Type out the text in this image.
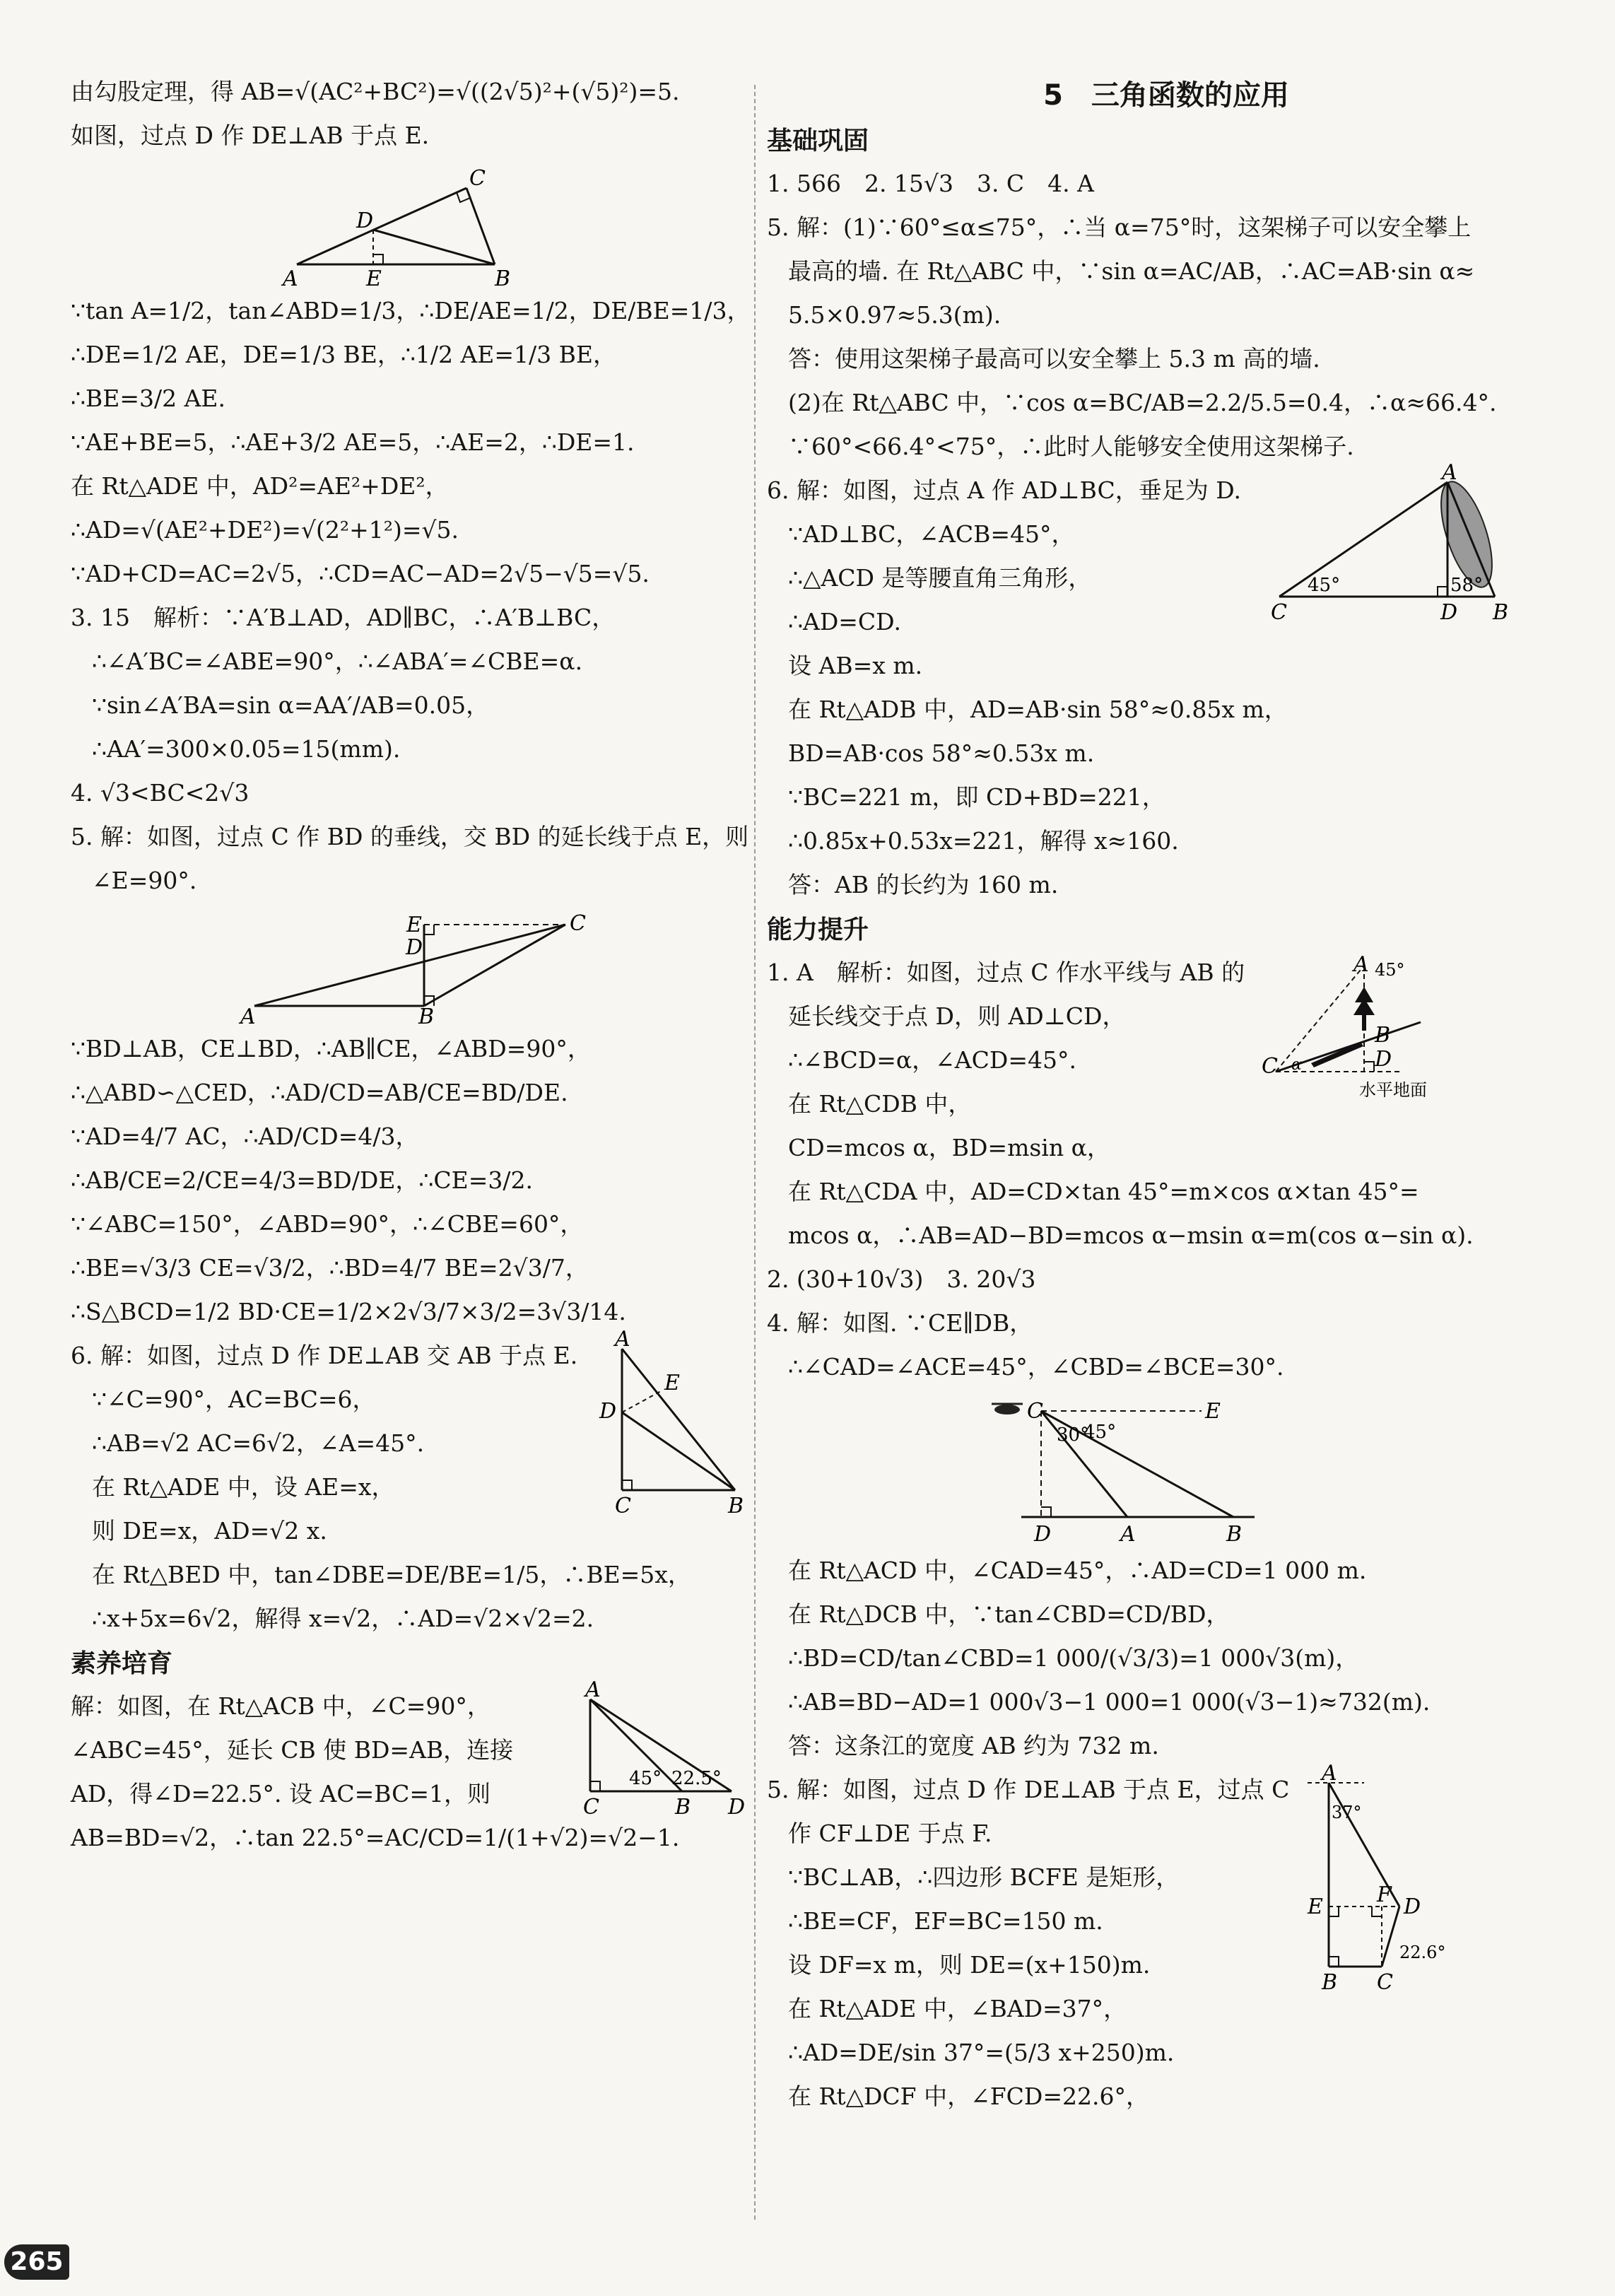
由勾股定理，得 AB=√(AC²+BC²)=√((2√5)²+(√5)²)=5.
如图，过点 D 作 DE⊥AB 于点 E.
A	E	B
D
C
∵tan A=1/2，tan∠ABD=1/3，∴DE/AE=1/2，DE/BE=1/3，
∴DE=1/2 AE，DE=1/3 BE，∴1/2 AE=1/3 BE，
∴BE=3/2 AE.
∵AE+BE=5，∴AE+3/2 AE=5，∴AE=2，∴DE=1.
在 Rt△ADE 中，AD²=AE²+DE²，
∴AD=√(AE²+DE²)=√(2²+1²)=√5.
∵AD+CD=AC=2√5，∴CD=AC−AD=2√5−√5=√5.
3. 15　解析：∵A′B⊥AD，AD∥BC，∴A′B⊥BC，
∴∠A′BC=∠ABE=90°，∴∠ABA′=∠CBE=α.
∵sin∠A′BA=sin α=AA′/AB=0.05，
∴AA′=300×0.05=15(mm).
4. √3<BC<2√3
5. 解：如图，过点 C 作 BD 的垂线，交 BD 的延长线于点 E，则
∠E=90°.
E
D
C
A	B
∵BD⊥AB，CE⊥BD，∴AB∥CE，∠ABD=90°，
∴△ABD∽△CED，∴AD/CD=AB/CE=BD/DE.
∵AD=4/7 AC，∴AD/CD=4/3，
∴AB/CE=2/CE=4/3=BD/DE，∴CE=3/2.
∵∠ABC=150°，∠ABD=90°，∴∠CBE=60°，
∴BE=√3/3 CE=√3/2，∴BD=4/7 BE=2√3/7，
∴S△BCD=1/2 BD·CE=1/2×2√3/7×3/2=3√3/14.
6. 解：如图，过点 D 作 DE⊥AB 交 AB 于点 E.
∵∠C=90°，AC=BC=6，
∴AB=√2 AC=6√2，∠A=45°.
在 Rt△ADE 中，设 AE=x，
则 DE=x，AD=√2 x.
在 Rt△BED 中，tan∠DBE=DE/BE=1/5，∴BE=5x，
∴x+5x=6√2，解得 x=√2，∴AD=√2×√2=2.
A
E
D
C	B
素养培育
解：如图，在 Rt△ACB 中，∠C=90°，
∠ABC=45°，延长 CB 使 BD=AB，连接
AD，得∠D=22.5°. 设 AC=BC=1，则
AB=BD=√2，∴tan 22.5°=AC/CD=1/(1+√2)=√2−1.
A
C	B D
45° 22.5°
5　三角函数的应用
基础巩固
1. 566　2. 15√3　3. C　4. A
5. 解：(1)∵60°≤α≤75°，∴当 α=75°时，这架梯子可以安全攀上
最高的墙. 在 Rt△ABC 中，∵sin α=AC/AB，∴AC=AB·sin α≈
5.5×0.97≈5.3(m).
答：使用这架梯子最高可以安全攀上 5.3 m 高的墙.
(2)在 Rt△ABC 中，∵cos α=BC/AB=2.2/5.5=0.4，∴α≈66.4°.
∵60°<66.4°<75°，∴此时人能够安全使用这架梯子.
6. 解：如图，过点 A 作 AD⊥BC，垂足为 D.
∵AD⊥BC，∠ACB=45°，
∴△ACD 是等腰直角三角形，
∴AD=CD.
设 AB=x m.
在 Rt△ADB 中，AD=AB·sin 58°≈0.85x m，
BD=AB·cos 58°≈0.53x m.
∵BC=221 m，即 CD+BD=221，
∴0.85x+0.53x=221，解得 x≈160.
答：AB 的长约为 160 m.
A
C	D B
45°	58°
能力提升
1. A　解析：如图，过点 C 作水平线与 AB 的
延长线交于点 D，则 AD⊥CD，
∴∠BCD=α，∠ACD=45°.
在 Rt△CDB 中，
CD=mcos α，BD=msin α，
在 Rt△CDA 中，AD=CD×tan 45°=m×cos α×tan 45°=
mcos α，∴AB=AD−BD=mcos α−msin α=m(cos α−sin α).
2. (30+10√3)　3. 20√3
4. 解：如图. ∵CE∥DB，
∴∠CAD=∠ACE=45°，∠CBD=∠BCE=30°.
A 45°
B
C α	D
水平地面
C	E
30°
45°
D	A	B
在 Rt△ACD 中，∠CAD=45°，∴AD=CD=1 000 m.
在 Rt△DCB 中，∵tan∠CBD=CD/BD，
∴BD=CD/tan∠CBD=1 000/(√3/3)=1 000√3(m)，
∴AB=BD−AD=1 000√3−1 000=1 000(√3−1)≈732(m).
答：这条江的宽度 AB 约为 732 m.
5. 解：如图，过点 D 作 DE⊥AB 于点 E，过点 C
作 CF⊥DE 于点 F.
∵BC⊥AB，∴四边形 BCFE 是矩形，
∴BE=CF，EF=BC=150 m.
设 DF=x m，则 DE=(x+150)m.
在 Rt△ADE 中，∠BAD=37°，
∴AD=DE/sin 37°=(5/3 x+250)m.
在 Rt△DCF 中，∠FCD=22.6°，
A
37°
E	F D
B C
22.6°
265
